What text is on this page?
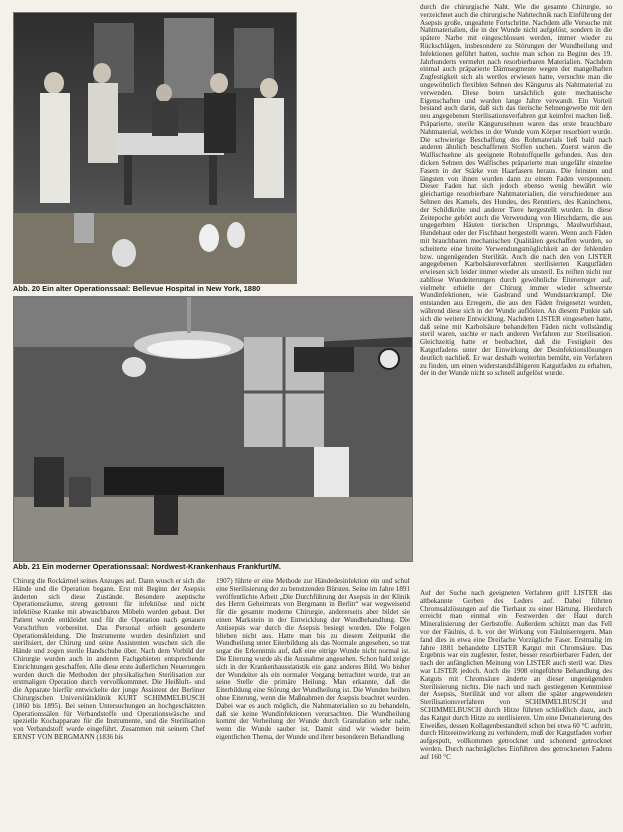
Abb. 20 Ein alter Operationssaal: Bellevue Hospital in New York, 1880
Abb. 21 Ein moderner Operationssaal: Nordwest-Krankenhaus Frankfurt/M.
durch die chirurgische Naht. Wie die gesamte Chirurgie, so verzeichnet auch die chirurgische Nahttechnik nach Einführung der Asepsis große, ungeahnte Fortschritte. Nachdem alle Versuche mit Nahtmaterialien, die in der Wunde nicht aufgelöst, sondern in die spätere Narbe mit eingeschlossen werden, immer wieder zu Rückschlägen, insbesondere zu Störungen der Wundheilung und Infektionen geführt hatten, suchte man schon zu Beginn des 19. Jahrhunderts vermehrt nach resorbierbaren Materialien. Nachdem einmal auch präparierte Därmsegmente wegen der mangelhaften Zugfestigkeit sich als wertlos erwiesen hatte, versuchte man die ungewöhnlich flexiblen Sehnen des Kängurus als Nahtmaterial zu verwenden. Diese boten tatsächlich gute mechanische Eigenschaften und wurden lange Jahre verwandt. Ein Vorteil bestand auch darin, daß sich das tierische Sehnengewebe mit den neu angegebenen Sterilisationsverfahren gut keimfrei machen ließ. Präparierte, sterile Kängurusehnen waren das erste brauchbare Nahtmaterial, welches in der Wunde vom Körper resorbiert wurde. Die schwierige Beschaffung des Rohmaterials ließ bald nach anderen ähnlich beschaffenen Stoffen suchen. Zuerst waren die Walfischsehne als geeignete Rohstoffquelle gefunden. Aus den dicken Sehnen des Walfisches präparierte man ungefähr einzelne Fasern in der Stärke von Haarfasern heraus. Die feinsten und längsten von ihnen wurden dann zu einem Faden versponnen. Dieser Faden hat sich jedoch ebenso wenig bewährt wie gleichartige resorbierbare Nahtmaterialien, die verschiedener aus Sehnen des Kamels, des Hundes, des Renntiers, des Kaninchens, der Schildkröte und anderer Tiere hergestellt wurden. In diese Zeitepoche gehört auch die Verwendung von Hirschdarm, die aus ungegerbten Häuten tierischen Ursprungs, Maulwurfshaut, Hundehaut oder der Fischhaut hergestellt waren. Wenn auch Fäden mit brauchbaren mechanischen Qualitäten geschaffen wurden, so scheiterte eine breite Verwendungsmöglichkeit an der fehlenden bzw. ungenügenden Sterilität. Auch die nach den von LISTER angegebenen Karbolsäureverfahren sterilisierten Katgutfäden erwiesen sich leider immer wieder als unsteril. Es reiften nicht nur zahllose Wundeiterungen durch gewöhnliche Eitererreger auf, vielmehr erhielte der Chirurg immer wieder schwerste Wundinfektionen, wie Gasbrand und Wundstarrkrampf. Die entstanden aus Erregern, die aus den Fäden freigesetzt wurden, während diese sich in der Wunde auflösten. An diesem Punkte sah sich die weitere Entwicklung. Nachdem LISTER eingesehen hatte, daß seine mit Karbolsäure behandelten Fäden nicht vollständig steril waren, suchte er nach anderen Verfahren zur Sterilisation. Gleichzeitig hatte er beobachtet, daß die Festigkeit des Katgutfadens unter der Einwirkung der Desinfektionslösungen deutlich nachließ. Er war deshalb weiterhin bemüht, ein Verfahren zu finden, um einen widerstandsfähigeren Katgutfaden zu erhalten, der in der Wunde nicht so schnell aufgelöst wurde.
Auf der Suche nach geeigneten Verfahren griff LISTER das altbekannte Gerben des Leders auf. Dabei führten Chromsalzlösungen auf die Tierhaut zu einer Härtung. Hierdurch erreicht man einmal ein Festwerden der Haut durch Mineralisierung der Gerbstoffe. Außerdem schützt man das Fell vor der Fäulnis, d. h. vor der Wirkung von Fäulniserregern. Man fand dies in etwa eine Dreifache Vorzügliche Faser. Erstmalig im Jahre 1881 behandelte LISTER Katgut mit Chromsäure. Das Ergebnis war ein zugfester, fester, besser resorbierbarer Faden, der nach der anfänglichen Meinung von LISTER auch steril war. Dies war LISTER jedoch. Auch die 1908 eingeführte Behandlung des Katguts mit Chromsäure änderte an dieser ungenügenden Sterilisierung nichts. Die nach und nach gestiegenen Kenntnisse der Asepsis, Sterilität und vor allem die später angewendeten Sterilisationsverfahren von SCHIMMELBUSCH und SCHIMMELBUSCH durch Hitze führten schließlich dazu, auch das Katgut durch Hitze zu sterilisieren. Um eine Denaturierung des Eiweißes, dessen Kollagenbestandteil schon bei etwa 60 °C auftritt, durch Hitzeeinwirkung zu verhindern, muß der Katgutfaden vorher aufgespult, vollkommen getrocknet und schonend getrocknet werden. Durch nachträgliches Einführen des getrockneten Fadens auf 160 °C
Chirurg die Rockärmel seines Anzuges auf. Dann wusch er sich die Hände und die Operation begann. Erst mit Beginn der Asepsis änderten sich diese Zustände. Besondere aseptische Operationsräume, streng getrennt für infektiöse und nicht infektiöse Kranke mit abwaschbaren Möbeln wurden gebaut. Der Patient wurde entkleidet und für die Operation nach genauen Vorschriften vorbereitet. Das Personal erhielt gesonderte Operationskleidung. Die Instrumente wurden desinfiziert und sterilisiert, der Chirurg und seine Assistenten wuschen sich die Hände und zogen sterile Handschuhe über. Nach dem Vorbild der Chirurgie wurden auch in anderen Fachgebieten entsprechende Einrichtungen geschaffen. Alle diese erste äußerlichen Neuerungen wurden durch die Methoden der physikalischen Sterilisation zur erstmaligen Operation durch vervollkommnet. Die Heißluft- und die Apparate hierfür entwickelte der junge Assistent der Berliner Chirurgischen Universitätsklinik KURT SCHIMMELBUSCH (1860 bis 1895). Bei seinen Untersuchungen an hochgeschätzten Operationssälen für Verbandstoffe und Operationswäsche und spezielle Kochapparate für die Instrumente, und die Sterilisation von Verbandstoff wurde eingeführt. Zusammen mit seinem Chef ERNST VON BERGMANN (1836 bis
1907) führte er eine Methode zur Händedesinfektion ein und schuf eine Sterilisierung der zu benutzenden Bürsten. Seine im Jahre 1891 veröffentlichte Arbeit „Die Durchführung der Asepsis in der Klinik des Herrn Geheimrats von Bergmann in Berlin“ war wegweisend für die gesamte moderne Chirurgie, andererseits aber bildet sie einen Markstein in der Entwicklung der Wundbehandlung. Die Antisepsis war durch die Asepsis besiegt worden. Die Folgen blieben nicht aus. Hatte man bis zu diesem Zeitpunkt die Wundheilung unter Eiterbildung als das Normale angesehen, so trat sogar die Erkenntnis auf, daß eine eitrige Wunde nicht normal ist. Die Eiterung wurde als die Ausnahme angesehen. Schon bald zeigte sich in der Krankenhausstatistik ein ganz anderes Bild. Wo bisher der Wundeiter als ein normaler Vorgang betrachtet wurde, trat an seine Stelle die primäre Heilung. Man erkannte, daß die Eiterbildung eine Störung der Wundheilung ist. Die Wunden heilten ohne Eiterung, wenn die Maßnahmen der Asepsis beachtet wurden. Dabei war es auch möglich, die Nahtmaterialien so zu behandeln, daß sie keine Wundinfektionen verursachten. Die Wundheilung kommt der Verheilung der Wunde durch Granulation sehr nahe, wenn die Wunde sauber ist. Damit sind wir wieder beim eigentlichen Thema, der Wunde und ihrer besonderen Behandlung
